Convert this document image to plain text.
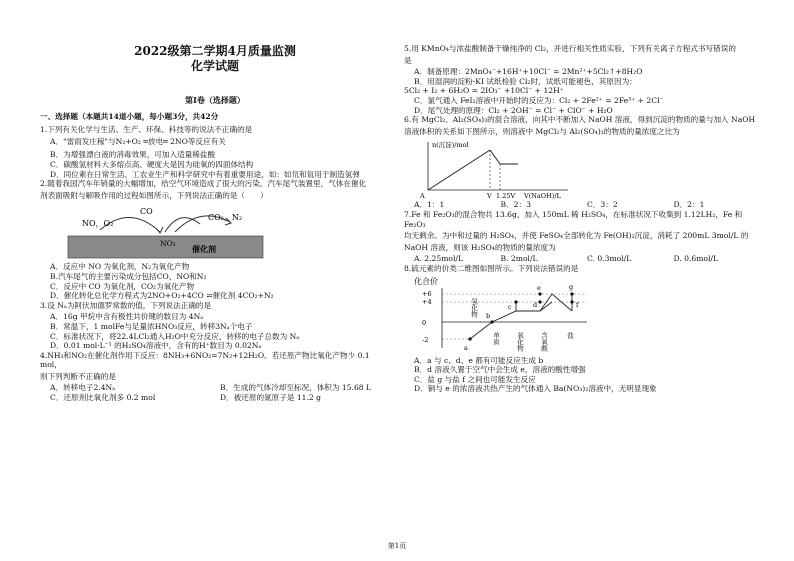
2022级第二学期4月质量监测
化学试题
第Ⅰ卷（选择题）
一、选择题（本题共14道小题，每小题3分，共42分
1.下列有关化学与生活、生产、环保、科技等的说法不正确的是
A．"雷雨发庄稼"与N₂+O₂ ═放电═ 2NO等反应有关
B．为增强漂白液的消毒效果，可加入适量稀盐酸
C．碳酸氢材料大多熔点高、硬度大是因为硅氧的四面体结构
D．同位素在日常生活、工农业生产和科学研究中有着重要用途，如：如氘和氚用于制造氢弹
2.随着我国汽车年销量的大幅增加，给空气环境造成了很大的污染。汽车尾气装置里，气体在催化
剂表面吸附与解吸作用的过程如图所示，下列说法正确的是（　　）
催化剂
NO，O₂
CO
NO₂
CO₂，N₂
A．反应中 NO 为氧化剂，N₂为氧化产物
B.汽车尾气的主要污染成分包括CO、NO和N₂
C．反应中 CO 为氧化剂，CO₂为氧化产物
D．催化转化总化学方程式为2NO+O₂+4CO ⇌催化剂 4CO₂+N₂
3.设 Nₐ为阿伏加德罗常数的值，下列说法正确的是
A．16g 甲烷中含有极性共价键的数目为 4Nₐ
B．常温下，1 molFe与足量浓HNO₃反应，转移3Nₐ个电子
C．标准状况下，将22.4LCl₂通入H₂O中充分反应，转移的电子总数为 Nₐ
D．0.01 mol·L⁻¹ 的H₂SO₄溶液中，含有的H⁺数目为 0.02Nₐ
4.NH₃和NO₂在催化剂作用下反应：8NH₃+6NO₂=7N₂+12H₂O。若还原产物比氧化产物少 0.1 mol，
则下列判断不正确的是
A．转移电子2.4Nₐ	B．生成的气体冷却至标况，体积为 15.68 L
C．还原剂比氧化剂多 0.2 mol	D．被还原的氮原子是 11.2 g
5.用 KMnO₄与浓盐酸制备干燥纯净的 Cl₂，并进行相关性质实验，下列有关离子方程式书写错误的
是
A．制备原理：2MnO₄⁻+16H⁺+10Cl⁻ = 2Mn²⁺+5Cl₂↑+8H₂O
B．用湿润的淀粉-KI 试纸检验 Cl₂时，试纸可能褪色，其原因为：
5Cl₂ + I₂ + 6H₂O = 2IO₃⁻ +10Cl⁻ + 12H⁺
C．氯气通入 FeI₂溶液中开始时的反应为：Cl₂ + 2Fe²⁺ = 2Fe³⁺ + 2Cl⁻
D．尾气处理的原理：Cl₂ + 2OH⁻ = Cl⁻ + ClO⁻ + H₂O
6.有 MgCl₂、Al₂(SO₄)₃的混合溶液，向其中不断加入 NaOH 溶液，得到沉淀的物质的量与加入 NaOH
溶液体积的关系如下图所示，则溶液中 MgCl₂与 Al₂(SO₄)₃的物质的量浓度之比为
n(沉淀)/mol
A	V 1.25V V(NaOH)/L
A．1：1	B．2：3	C．3：2	D．2：1
7.Fe 和 Fe₂O₃的混合物共 13.6g，加入 150mL 稀 H₂SO₄，在标准状况下收集到 1.12LH₂，Fe 和 Fe₂O₃
均无剩余。为中和过量的 H₂SO₄，并使 FeSO₄全部转化为 Fe(OH)₂沉淀，消耗了 200mL 3mol/L 的
NaOH 溶液，则该 H₂SO₄的物质的量浓度为
A. 2.25mol/L	B. 2mol/L	C. 0.3mol/L	D. 0.6mol/L
8.硫元素的价类二维图如图所示。下列说法错误的是
化合价
+6
+4
0
-2
a
b
c	d
e
f
g
氢化物
单质 氧化物 含氧酸	盐
A．a 与 c、d、e 都有可能反应生成 b
B．d 溶液久置于空气中会生成 e，溶液的酸性增强
C．盐 g 与盐 f 之间也可能发生反应
D．铜与 e 的浓溶液共热产生的气体通入 Ba(NO₃)₂溶液中，无明显现象
第1页
